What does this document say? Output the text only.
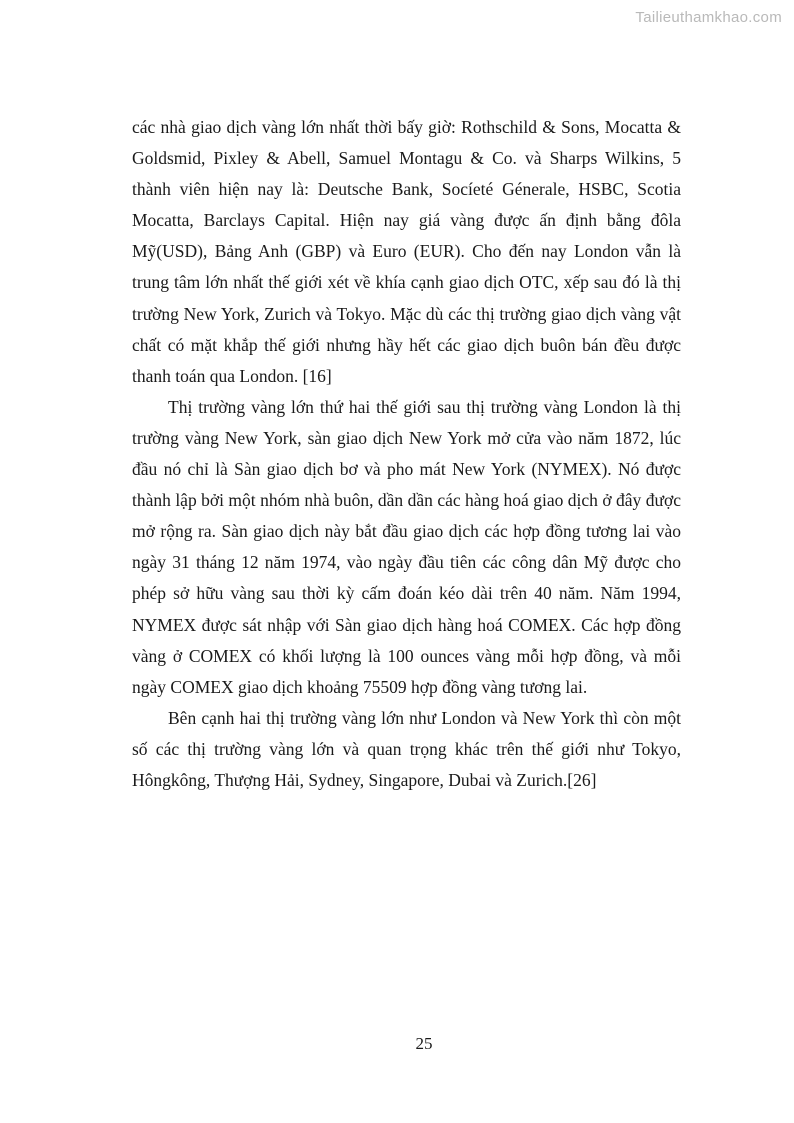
Tailieuthamkhao.com
các nhà giao dịch vàng lớn nhất thời bấy giờ: Rothschild & Sons, Mocatta &
Goldsmid, Pixley & Abell, Samuel Montagu & Co. và Sharps Wilkins, 5
thành viên hiện nay là: Deutsche Bank, Socíeté Génerale, HSBC, Scotia
Mocatta, Barclays Capital. Hiện nay giá vàng được ấn định bằng đôla
Mỹ(USD), Bảng Anh (GBP) và Euro (EUR). Cho đến nay London vẫn là
trung tâm lớn nhất thế giới xét về khía cạnh giao dịch OTC, xếp sau đó là thị
trường New York, Zurich và Tokyo. Mặc dù các thị trường giao dịch vàng vật
chất có mặt khắp thế giới nhưng hầy hết các giao dịch buôn bán đều được
thanh toán qua London. [16]
Thị trường vàng lớn thứ hai thế giới sau thị trường vàng London là thị
trường vàng New York, sàn giao dịch New York mở cửa vào năm 1872, lúc
đầu nó chỉ là Sàn giao dịch bơ và pho mát New York (NYMEX). Nó được
thành lập bởi một nhóm nhà buôn, dần dần các hàng hoá giao dịch ở đây được
mở rộng ra. Sàn giao dịch này bắt đầu giao dịch các hợp đồng tương lai vào
ngày 31 tháng 12 năm 1974, vào ngày đầu tiên các công dân Mỹ được cho
phép sở hữu vàng sau thời kỳ cấm đoán kéo dài trên 40 năm. Năm 1994,
NYMEX được sát nhập với Sàn giao dịch hàng hoá COMEX. Các hợp đồng
vàng ở COMEX có khối lượng là 100 ounces vàng mỗi hợp đồng, và mỗi
ngày COMEX giao dịch khoảng 75509 hợp đồng vàng tương lai.
Bên cạnh hai thị trường vàng lớn như London và New York thì còn một
số các thị trường vàng lớn và quan trọng khác trên thế giới như Tokyo,
Hôngkông, Thượng Hải, Sydney, Singapore, Dubai và Zurich.[26]
25
